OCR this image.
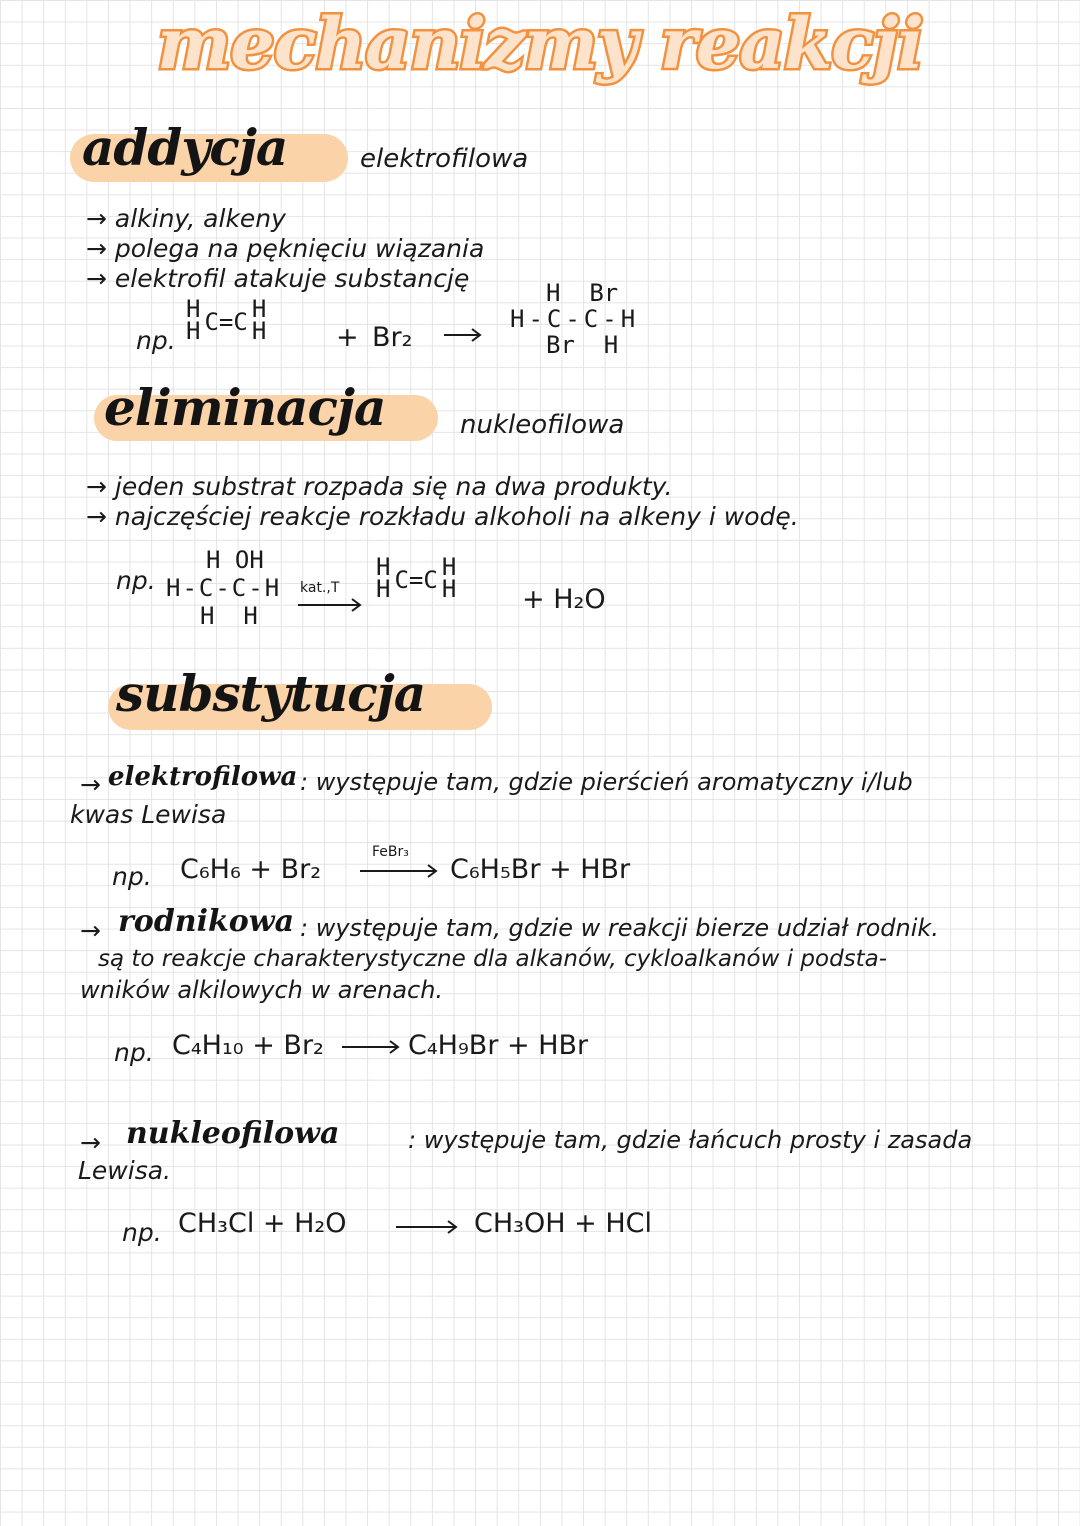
mechanizmy reakcji
addycja	elektrofilowa
→ alkiny, alkeny
→ polega na pęknięciu wiązania
→ elektrofil atakuje substancję
np.
H
H C=C H
H	+ Br₂
H  Br
H-C-C-H
Br  H
eliminacja	nukleofilowa
→ jeden substrat rozpada się na dwa produkty.
→ najczęściej reakcje rozkładu alkoholi na alkeny i wodę.
np.
H OH
H-C-C-H
H  H
kat.,T
H
H C=C H
H + H₂O
substytucja
→ elektrofilowa : występuje tam, gdzie pierścień aromatyczny i/lub
kwas Lewisa
np. C₆H₆ + Br₂
FeBr₃
C₆H₅Br + HBr
→ rodnikowa : występuje tam, gdzie w reakcji bierze udział rodnik.
są to reakcje charakterystyczne dla alkanów, cykloalkanów i podsta-
wników alkilowych w arenach.
np. C₄H₁₀ + Br₂	C₄H₉Br + HBr
→ nukleofilowa	: występuje tam, gdzie łańcuch prosty i zasada
Lewisa.
np. CH₃Cl + H₂O	CH₃OH + HCl
